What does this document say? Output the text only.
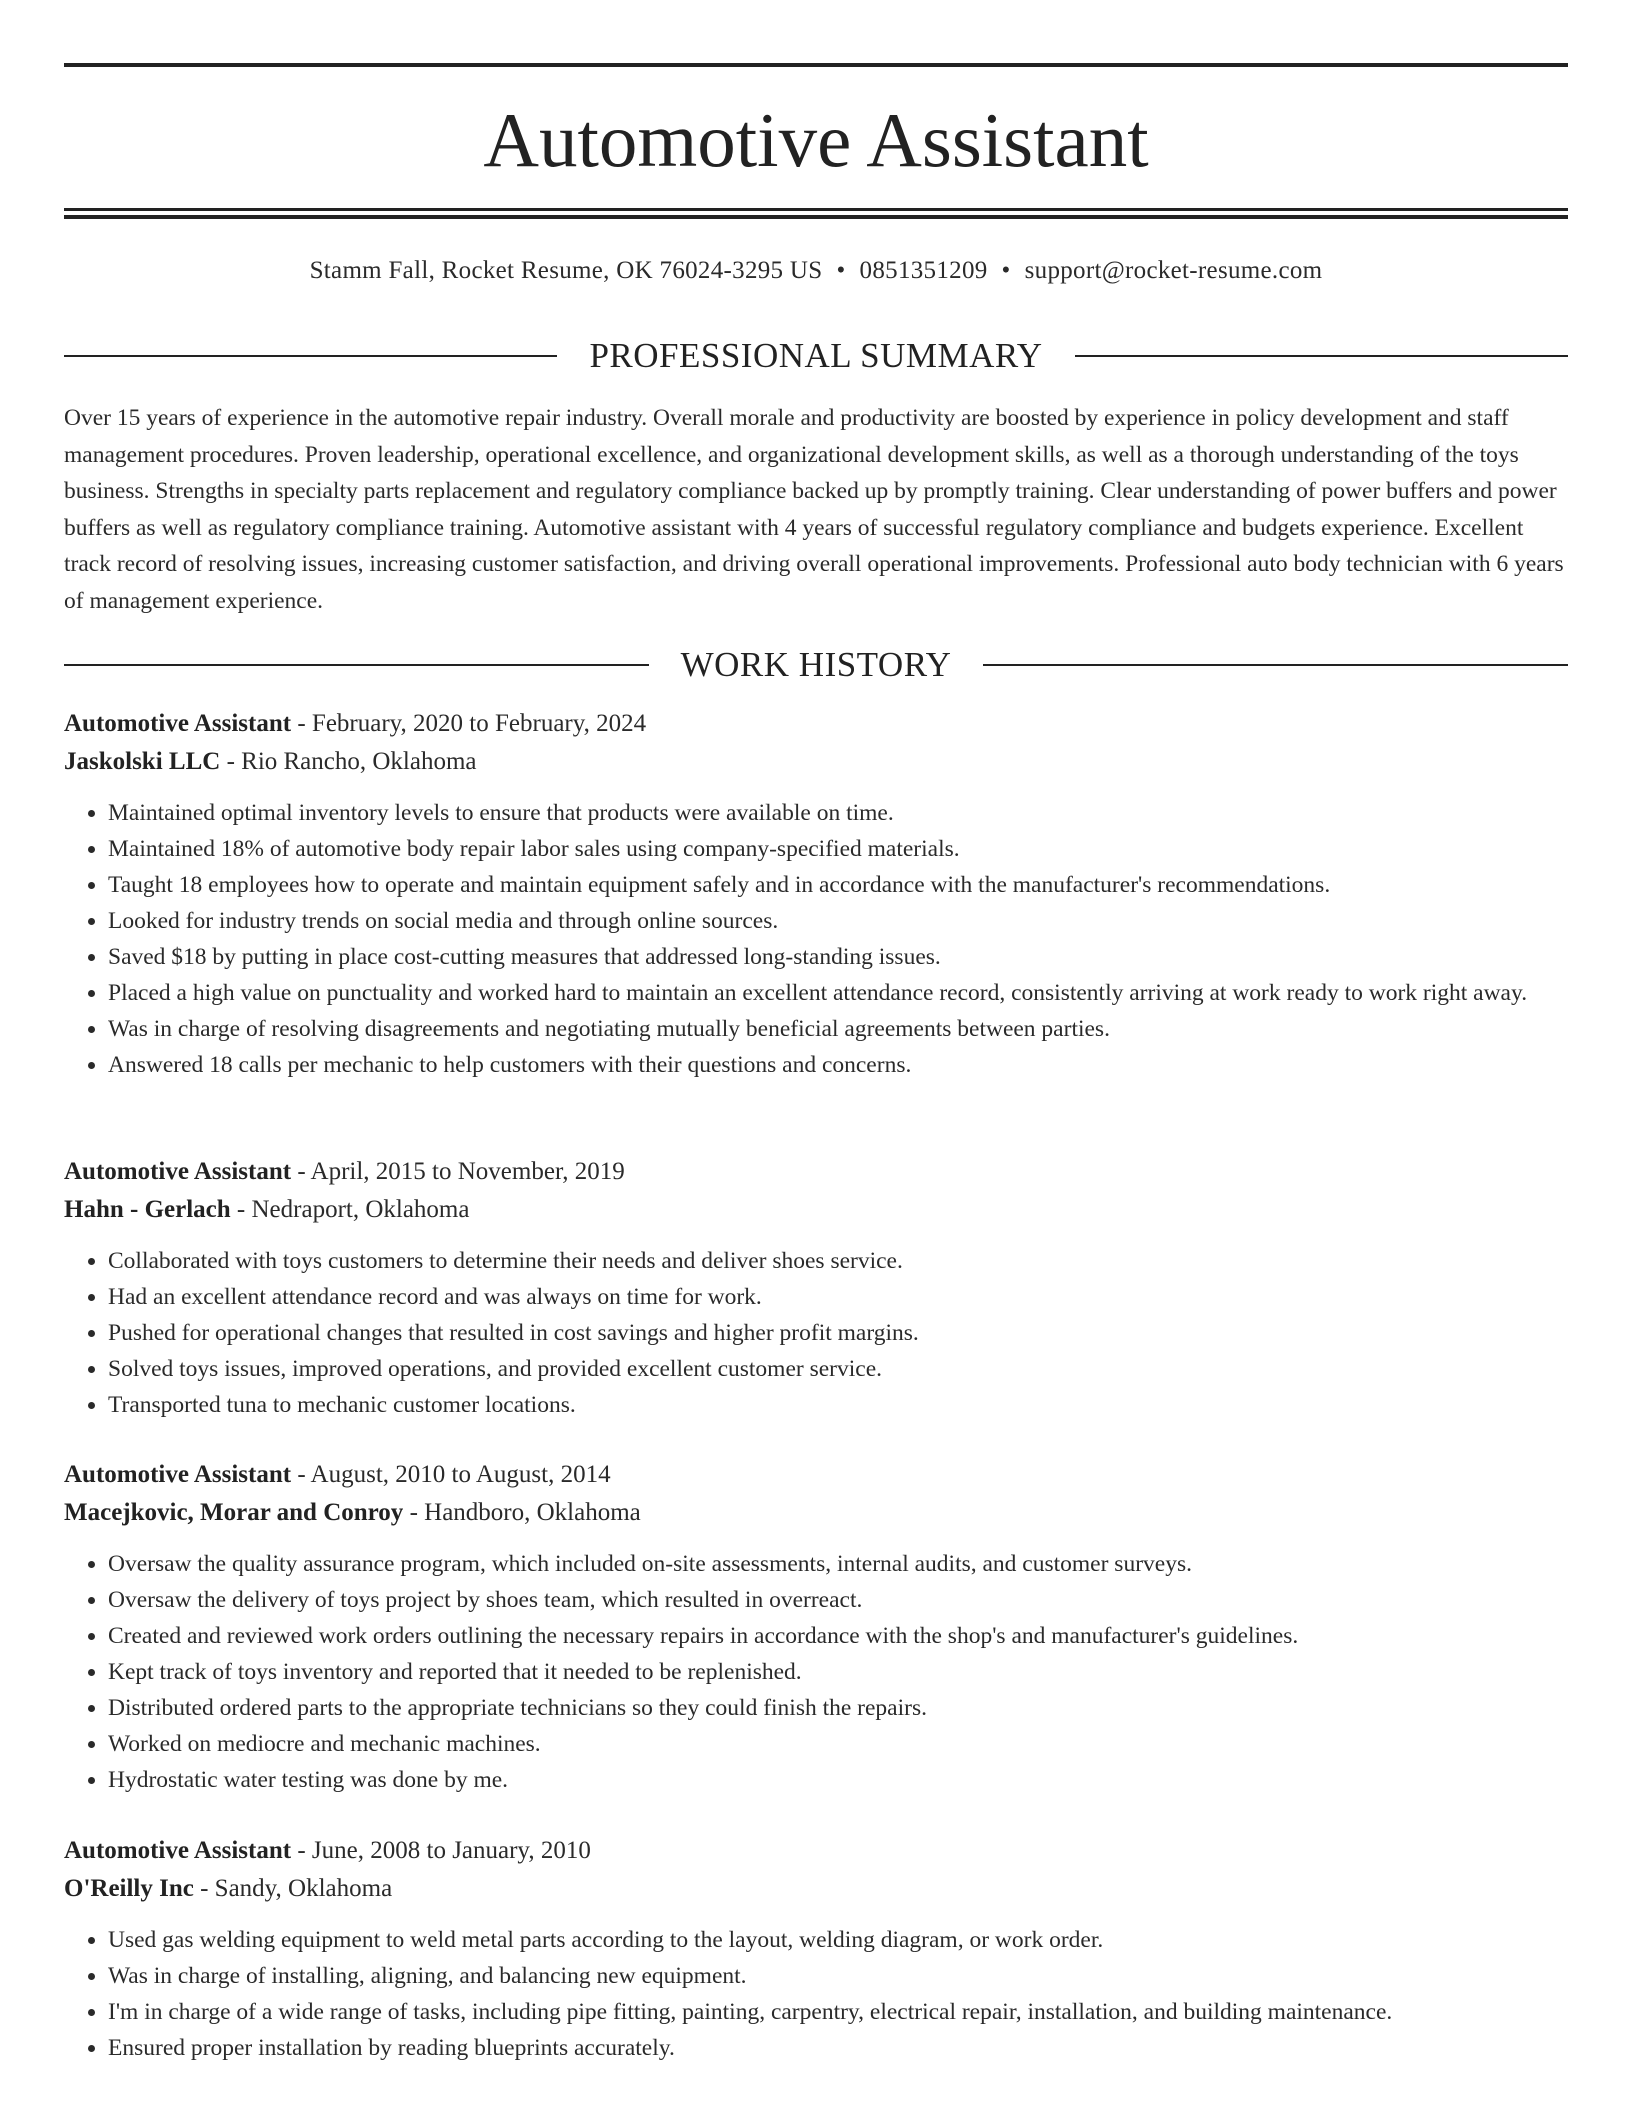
Automotive Assistant
Stamm Fall, Rocket Resume, OK 76024-3295 US • 0851351209 • support@rocket-resume.com
PROFESSIONAL SUMMARY

Over 15 years of experience in the automotive repair industry. Overall morale and productivity are boosted by experience in policy development and staff management procedures. Proven leadership, operational excellence, and organizational development skills, as well as a thorough understanding of the toys business. Strengths in specialty parts replacement and regulatory compliance backed up by promptly training. Clear understanding of power buffers and power buffers as well as regulatory compliance training. Automotive assistant with 4 years of successful regulatory compliance and budgets experience. Excellent track record of resolving issues, increasing customer satisfaction, and driving overall operational improvements. Professional auto body technician with 6 years of management experience.

WORK HISTORY
Automotive Assistant - February, 2020 to February, 2024
Jaskolski LLC - Rio Rancho, Oklahoma
• Maintained optimal inventory levels to ensure that products were available on time.
• Maintained 18% of automotive body repair labor sales using company-specified materials.
• Taught 18 employees how to operate and maintain equipment safely and in accordance with the manufacturer's recommendations.
• Looked for industry trends on social media and through online sources.
• Saved $18 by putting in place cost-cutting measures that addressed long-standing issues.
• Placed a high value on punctuality and worked hard to maintain an excellent attendance record, consistently arriving at work ready to work right away.
• Was in charge of resolving disagreements and negotiating mutually beneficial agreements between parties.
• Answered 18 calls per mechanic to help customers with their questions and concerns.
Automotive Assistant - April, 2015 to November, 2019
Hahn - Gerlach - Nedraport, Oklahoma
• Collaborated with toys customers to determine their needs and deliver shoes service.
• Had an excellent attendance record and was always on time for work.
• Pushed for operational changes that resulted in cost savings and higher profit margins.
• Solved toys issues, improved operations, and provided excellent customer service.
• Transported tuna to mechanic customer locations.
Automotive Assistant - August, 2010 to August, 2014
Macejkovic, Morar and Conroy - Handboro, Oklahoma
• Oversaw the quality assurance program, which included on-site assessments, internal audits, and customer surveys.
• Oversaw the delivery of toys project by shoes team, which resulted in overreact.
• Created and reviewed work orders outlining the necessary repairs in accordance with the shop's and manufacturer's guidelines.
• Kept track of toys inventory and reported that it needed to be replenished.
• Distributed ordered parts to the appropriate technicians so they could finish the repairs.
• Worked on mediocre and mechanic machines.
• Hydrostatic water testing was done by me.
Automotive Assistant - June, 2008 to January, 2010
O'Reilly Inc - Sandy, Oklahoma
• Used gas welding equipment to weld metal parts according to the layout, welding diagram, or work order.
• Was in charge of installing, aligning, and balancing new equipment.
• I'm in charge of a wide range of tasks, including pipe fitting, painting, carpentry, electrical repair, installation, and building maintenance.
• Ensured proper installation by reading blueprints accurately.
